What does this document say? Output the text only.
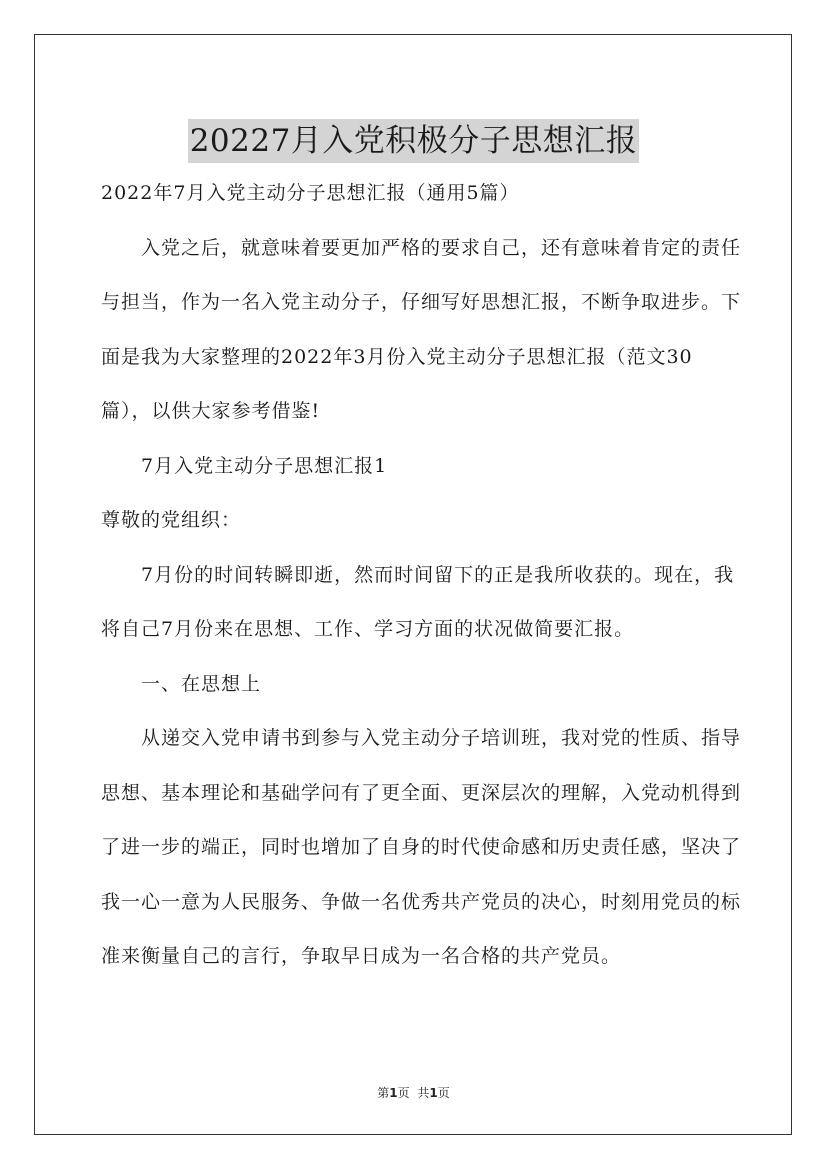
20227月入党积极分子思想汇报

2022年7月入党主动分子思想汇报（通用5篇）

入党之后，就意味着要更加严格的要求自己，还有意味着肯定的责任与担当，作为一名入党主动分子，仔细写好思想汇报，不断争取进步。下面是我为大家整理的2022年3月份入党主动分子思想汇报（范文30篇），以供大家参考借鉴!

7月入党主动分子思想汇报1

尊敬的党组织：

7月份的时间转瞬即逝，然而时间留下的正是我所收获的。现在，我将自己7月份来在思想、工作、学习方面的状况做简要汇报。

一、在思想上

从递交入党申请书到参与入党主动分子培训班，我对党的性质、指导思想、基本理论和基础学问有了更全面、更深层次的理解，入党动机得到了进一步的端正，同时也增加了自身的时代使命感和历史责任感，坚决了我一心一意为人民服务、争做一名优秀共产党员的决心，时刻用党员的标准来衡量自己的言行，争取早日成为一名合格的共产党员。

第1页 共1页
